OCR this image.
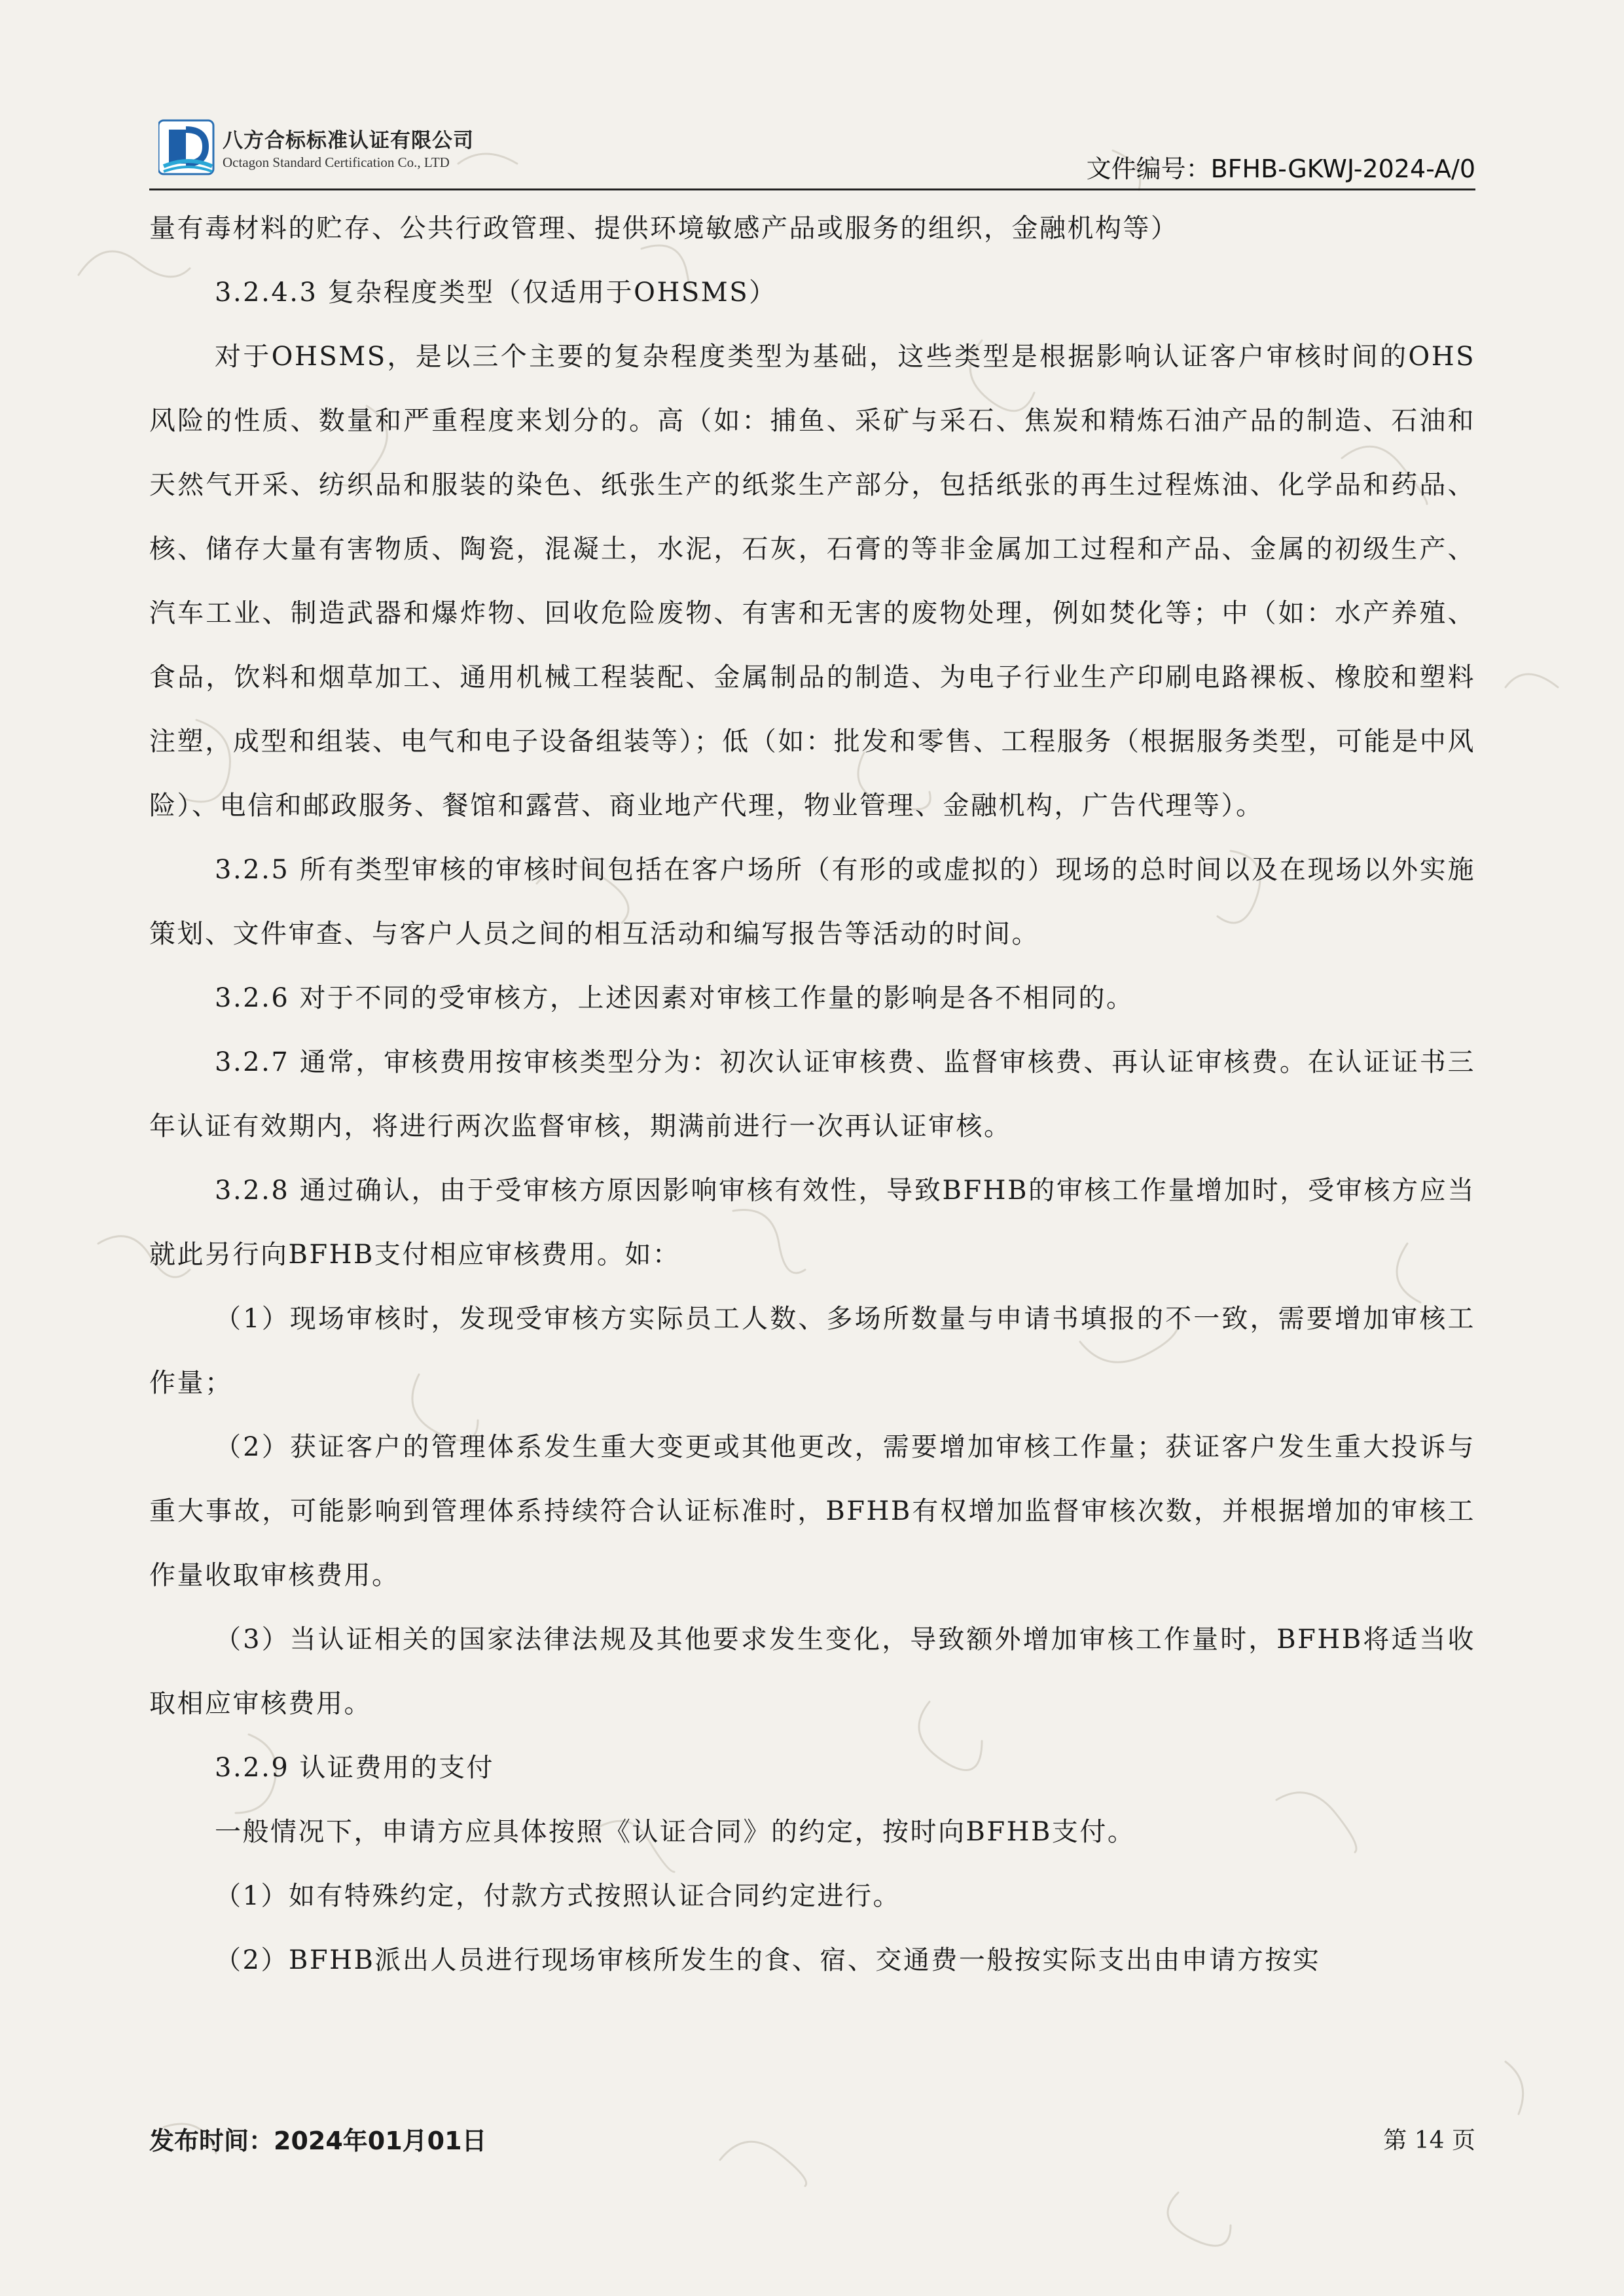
八方合标标准认证有限公司
Octagon Standard Certification Co., LTD	文件编号：BFHB-GKWJ-2024-A/0

量有毒材料的贮存、公共行政管理、提供环境敏感产品或服务的组织，金融机构等）

3.2.4.3 复杂程度类型（仅适用于OHSMS）

对于OHSMS，是以三个主要的复杂程度类型为基础，这些类型是根据影响认证客户审核时间的OHS风险的性质、数量和严重程度来划分的。高（如：捕鱼、采矿与采石、焦炭和精炼石油产品的制造、石油和天然气开采、纺织品和服装的染色、纸张生产的纸浆生产部分，包括纸张的再生过程炼油、化学品和药品、核、储存大量有害物质、陶瓷，混凝土，水泥，石灰，石膏的等非金属加工过程和产品、金属的初级生产、汽车工业、制造武器和爆炸物、回收危险废物、有害和无害的废物处理，例如焚化等；中（如：水产养殖、食品，饮料和烟草加工、通用机械工程装配、金属制品的制造、为电子行业生产印刷电路裸板、橡胶和塑料注塑，成型和组装、电气和电子设备组装等）；低（如：批发和零售、工程服务（根据服务类型，可能是中风险）、电信和邮政服务、餐馆和露营、商业地产代理，物业管理、金融机构，广告代理等）。

3.2.5 所有类型审核的审核时间包括在客户场所（有形的或虚拟的）现场的总时间以及在现场以外实施策划、文件审查、与客户人员之间的相互活动和编写报告等活动的时间。

3.2.6 对于不同的受审核方，上述因素对审核工作量的影响是各不相同的。

3.2.7 通常，审核费用按审核类型分为：初次认证审核费、监督审核费、再认证审核费。在认证证书三年认证有效期内，将进行两次监督审核，期满前进行一次再认证审核。

3.2.8 通过确认，由于受审核方原因影响审核有效性，导致BFHB的审核工作量增加时，受审核方应当就此另行向BFHB支付相应审核费用。如：

（1）现场审核时，发现受审核方实际员工人数、多场所数量与申请书填报的不一致，需要增加审核工作量；

（2）获证客户的管理体系发生重大变更或其他更改，需要增加审核工作量；获证客户发生重大投诉与重大事故，可能影响到管理体系持续符合认证标准时，BFHB有权增加监督审核次数，并根据增加的审核工作量收取审核费用。

（3）当认证相关的国家法律法规及其他要求发生变化，导致额外增加审核工作量时，BFHB将适当收取相应审核费用。

3.2.9 认证费用的支付

一般情况下，申请方应具体按照《认证合同》的约定，按时向BFHB支付。

（1）如有特殊约定，付款方式按照认证合同约定进行。

（2）BFHB派出人员进行现场审核所发生的食、宿、交通费一般按实际支出由申请方按实

发布时间：2024年01月01日	第 14 页
